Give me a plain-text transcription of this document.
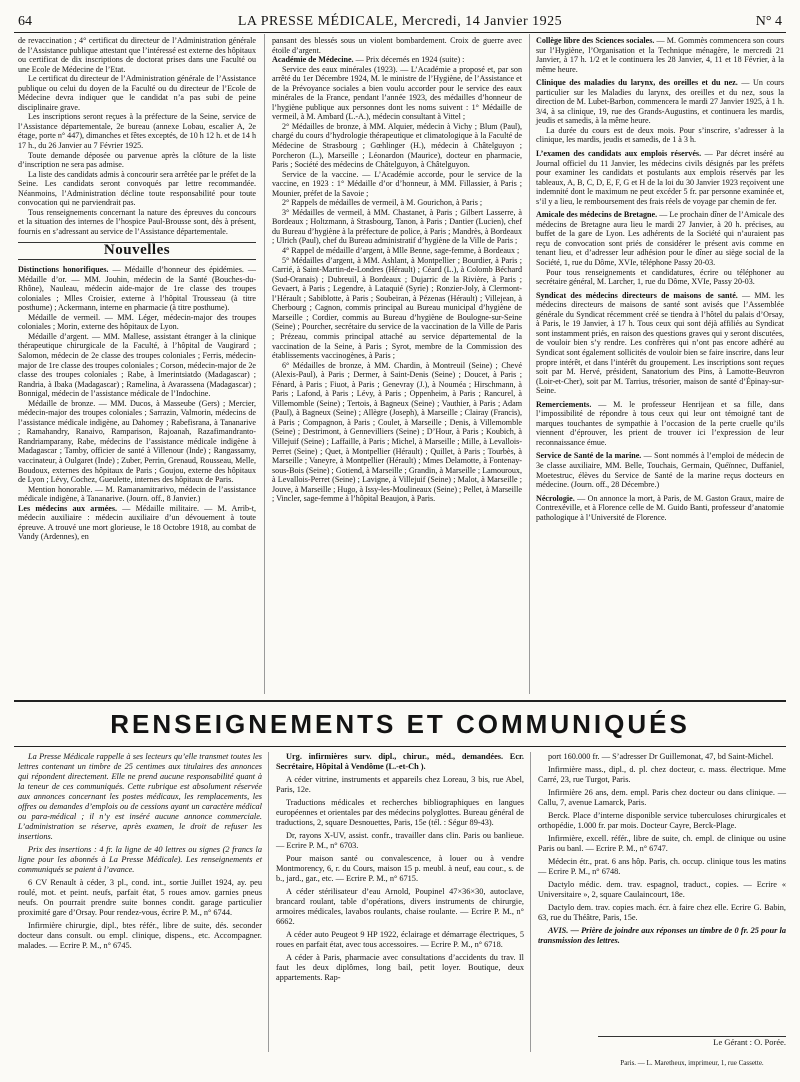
64	LA PRESSE MÉDICALE, Mercredi, 14 Janvier 1925	N° 4

de revaccination ; 4° certificat du directeur de l’Administration générale de l’Assistance publique attestant que l’intéressé est externe des hôpitaux ou certificat de dix inscriptions de doctorat prises dans une Faculté ou une Ecole de Médecine de l’Etat.

Le certificat du directeur de l’Administration générale de l’Assistance publique ou celui du doyen de la Faculté ou du directeur de l’Ecole de Médecine devra indiquer que le candidat n’a pas subi de peine disciplinaire grave.

Les inscriptions seront reçues à la préfecture de la Seine, service de l’Assistance départementale, 2e bureau (annexe Lobau, escalier A, 2e étage, porte n° 447), dimanches et fêtes exceptés, de 10 h 12 h. et de 14 h 17 h., du 26 Janvier au 7 Février 1925.

Toute demande déposée ou parvenue après la clôture de la liste d’inscription ne sera pas admise.

La liste des candidats admis à concourir sera arrêtée par le préfet de la Seine. Les candidats seront convoqués par lettre recommandée. Néanmoins, l’Administration décline toute responsabilité pour toute convocation qui ne parviendrait pas.

Tous renseignements concernant la nature des épreuves du concours et la situation des internes de l’hospice Paul-Brousse sont, dès à présent, fournis en s’adressant au service de l’Assistance départementale.

Nouvelles

Distinctions honorifiques. — Médaille d’honneur des épidémies. — Médaille d’or. — MM. Jouhin, médecin de la Santé (Bouches-du-Rhône), Nauleau, médecin aide-major de 1re classe des troupes coloniales ; Mlles Croisier, externe à l’hôpital Trousseau (à titre posthume) ; Ackermann, interne en pharmacie (à titre posthume).

Médaille de vermeil. — MM. Léger, médecin-major des troupes coloniales ; Morin, externe des hôpitaux de Lyon.

Médaille d’argent. — MM. Mallese, assistant étranger à la clinique thérapeutique chirurgicale de la Faculté, à l’hôpital de Vaugirard ; Salomon, médecin de 2e classe des troupes coloniales ; Ferris, médecin-major de 1re classe des troupes coloniales ; Corson, médecin-major de 2e classe des troupes coloniales ; Rabe, à Imerintsiatdo (Madagascar) ; Randria, à Ibaka (Madagascar) ; Ramelina, à Avarassena (Madagascar) ; Bonnigal, médecin de l’assistance médicale de l’Indochine.

Médaille de bronze. — MM. Ducos, à Masseube (Gers) ; Mercier, médecin-major des troupes coloniales ; Sarrazin, Valmorin, médecins de l’assistance médicale indigène, au Dahomey ; Rabefisrana, à Tananarive ; Ramahandry, Ranaivo, Ramparison, Rajoanah, Razafimandranto-Randriamparany, Rabe, médecins de l’assistance médicale indigène à Madagascar ; Tamby, officier de santé à Villenour (Inde) ; Rangassamy, vaccinateur, à Oulgaret (Inde) ; Zuber, Perrin, Grenaud, Rousseau, Melle, Boudoux, externes des hôpitaux de Paris ; Goujou, externe des hôpitaux de Lyon ; Lévy, Cochez, Gueulette, internes des hôpitaux de Paris.

Mention honorable. — M. Ramanamitrarivo, médecin de l’assistance médicale indigène, à Tananarive. (Journ. off., 8 Janvier.)

Les médecins aux armées. — Médaille militaire. — M. Arrib-t, médecin auxiliaire : médecin auxiliaire d’un dévouement à toute épreuve. A trouvé une mort glorieuse, le 18 Octobre 1918, au combat de Vandy (Ardennes), en

pansant des blessés sous un violent bombardement. Croix de guerre avec étoile d’argent.

Académie de Médecine. — Prix décernés en 1924 (suite) :

Service des eaux minérales (1923). — L’Académie a proposé et, par son arrêté du 1er Décembre 1924, M. le ministre de l’Hygiène, de l’Assistance et de la Prévoyance sociales a bien voulu accorder pour le service des eaux minérales de la France, pendant l’année 1923, des médailles d’honneur de l’hygiène publique aux personnes dont les noms suivent : 1° Médaille de vermeil, à M. Ambard (L.-A.), médecin consultant à Vittel ;

2° Médailles de bronze, à MM. Alquier, médecin à Vichy ; Blum (Paul), chargé du cours d’hydrologie thérapeutique et climatologique à la Faculté de Médecine de Strasbourg ; Gœhlinger (H.), médecin à Châtelguyon ; Porcheron (L.), Marseille ; Léonardon (Maurice), docteur en pharmacie, Paris ; Société des médecins de Châtelguyon, à Châtelguyon.

Service de la vaccine. — L’Académie accorde, pour le service de la vaccine, en 1923 : 1° Médaille d’or d’honneur, à MM. Fillassier, à Paris ; Mounier, préfet de la Savoie ;

2° Rappels de médailles de vermeil, à M. Gourichon, à Paris ;

3° Médailles de vermeil, à MM. Chastanet, à Paris ; Gilbert Lasserre, à Bordeaux ; Holtzmann, à Strasbourg, Tanon, à Paris ; Dantier (Lucien), chef du Bureau d’hygiène à la préfecture de police, à Paris ; Mandrès, à Bordeaux ; Ulrich (Paul), chef du Bureau administratif d’hygiène de la Ville de Paris ;

4° Rappel de médaille d’argent, à Mlle Benne, sage-femme, à Bordeaux ;

5° Médailles d’argent, à MM. Ashlant, à Montpellier ; Bourdier, à Paris ; Carrié, à Saint-Martin-de-Londres (Hérault) ; Céard (L.), à Colomb Béchard (Sud-Oranais) ; Dubreuil, à Bordeaux ; Dujarric de la Rivière, à Paris ; Gevaert, à Paris ; Legendre, à Lataquié (Syrie) ; Ronzier-Joly, à Clermont-l’Hérault ; Sabiblotte, à Paris ; Soubeiran, à Pézenas (Hérault) ; Villejean, à Cherbourg ; Cagnon, commis principal au Bureau municipal d’hygiène de Marseille ; Cordier, commis au Bureau d’hygiène de Boulogne-sur-Seine (Seine) ; Pourcher, secrétaire du service de la vaccination de la Ville de Paris ; Prézeau, commis principal attaché au service départemental de la vaccination de la Seine, à Paris ; Syrot, membre de la Commission des établissements vaccinogènes, à Paris ;

6° Médailles de bronze, à MM. Chardin, à Montreuil (Seine) ; Chevé (Alexis-Paul), à Paris ; Dermer, à Saint-Denis (Seine) ; Doucet, à Paris ; Fénard, à Paris ; Fiuot, à Paris ; Genevray (J.), à Nouméa ; Hirschmann, à Paris ; Lafond, à Paris ; Lévy, à Paris ; Oppenheim, à Paris ; Rancurel, à Villemomble (Seine) ; Tertois, à Bagneux (Seine) ; Vauthier, à Paris ; Adam (Paul), à Bagneux (Seine) ; Allègre (Joseph), à Marseille ; Clairay (Francis), à Paris ; Compagnon, à Paris ; Coulet, à Marseille ; Denis, à Villemomble (Seine) ; Destrimont, à Gennevilliers (Seine) ; D’Hour, à Paris ; Koubich, à Villejuif (Seine) ; Laffaille, à Paris ; Michel, à Marseille ; Mille, à Levallois-Perret (Seine) ; Quet, à Montpellier (Hérault) ; Quillet, à Paris ; Tourbès, à Marseille ; Vaneyre, à Montpellier (Hérault) ; Mmes Delamotte, à Fontenay-sous-Bois (Seine) ; Gotiend, à Marseille ; Grandin, à Marseille ; Lamouroux, à Levallois-Perret (Seine) ; Lavigne, à Villejuif (Seine) ; Malot, à Marseille ; Jouve, à Marseille ; Hugo, à Issy-les-Moulineaux (Seine) ; Pellet, à Marseille ; Vincler, sage-femme à l’hôpital Beaujon, à Paris.

Collège libre des Sciences sociales. — M. Gommès commencera son cours sur l’Hygiène, l’Organisation et la Technique ménagère, le mercredi 21 Janvier, à 17 h. 1/2 et le continuera les 28 Janvier, 4, 11 et 18 Février, à la même heure.

Clinique des maladies du larynx, des oreilles et du nez. — Un cours particulier sur les Maladies du larynx, des oreilles et du nez, sous la direction de M. Lubet-Barbon, commencera le mardi 27 Janvier 1925, à 1 h. 3/4, à sa clinique, 19, rue des Grands-Augustins, et continuera les mardis, jeudis et samedis, à la même heure.

La durée du cours est de deux mois. Pour s’inscrire, s’adresser à la clinique, les mardis, jeudis et samedis, de 1 à 3 h.

L’examen des candidats aux emplois réservés. — Par décret inséré au Journal officiel du 11 Janvier, les médecins civils désignés par les préfets pour examiner les candidats et postulants aux emplois réservés par les tableaux, A, B, C, D, E, F, G et H de la loi du 30 Janvier 1923 reçoivent une indemnité dont le maximum ne peut excéder 5 fr. par personne examinée et, s’il y a lieu, le remboursement des frais réels de voyage par chemin de fer.

Amicale des médecins de Bretagne. — Le prochain dîner de l’Amicale des médecins de Bretagne aura lieu le mardi 27 Janvier, à 20 h. précises, au buffet de la gare de Lyon. Les adhérents de la Société qui n’auraient pas reçu de convocation sont priés de considérer le présent avis comme en tenant lieu, et d’adresser leur adhésion pour le dîner au siège social de la Société, 1, rue du Dôme, XVIe, téléphone Passy 20-03.

Pour tous renseignements et candidatures, écrire ou téléphoner au secrétaire général, M. Larcher, 1, rue du Dôme, XVIe, Passy 20-03.

Syndicat des médecins directeurs de maisons de santé. — MM. les médecins directeurs de maisons de santé sont avisés que l’Assemblée générale du Syndicat récemment créé se tiendra à l’hôtel du palais d’Orsay, à Paris, le 19 Janvier, à 17 h. Tous ceux qui sont déjà affiliés au Syndicat sont instamment priés, en raison des questions graves qui y seront discutées, de vouloir bien s’y rendre. Les confrères qui n’ont pas encore adhéré au Syndicat sont également sollicités de vouloir bien se faire inscrire, dans leur propre intérêt, et dans l’intérêt du groupement. Les inscriptions sont reçues soit par M. Hervé, président, Sanatorium des Pins, à Lamotte-Beuvron (Loir-et-Cher), soit par M. Tarrius, trésorier, maison de santé d’Épinay-sur-Seine.

Remerciements. — M. le professeur Henrijean et sa fille, dans l’impossibilité de répondre à tous ceux qui leur ont témoigné tant de marques touchantes de sympathie à l’occasion de la perte cruelle qu’ils viennent d’éprouver, les prient de trouver ici l’expression de leur reconnaissance émue.

Service de Santé de la marine. — Sont nommés à l’emploi de médecin de 3e classe auxiliaire, MM. Belle, Touchais, Germain, Quéïnnec, Duffaniel, Moetestruc, élèves du Service de Santé de la marine reçus docteurs en médecine. (Journ. off., 28 Décembre.)

Nécrologie. — On annonce la mort, à Paris, de M. Gaston Graux, maire de Contrexéville, et à Florence celle de M. Guido Banti, professeur d’anatomie pathologique à l’Université de Florence.

RENSEIGNEMENTS ET COMMUNIQUÉS

La Presse Médicale rappelle à ses lecteurs qu’elle transmet toutes les lettres contenant un timbre de 25 centimes aux titulaires des annonces qui répondent directement. Elle ne prend aucune responsabilité quant à la teneur de ces communiqués. Cette rubrique est absolument réservée aux annonces concernant les postes médicaux, les remplacements, les offres ou demandes d’emplois ou de cessions ayant un caractère médical ou para-médical ; il n’y est inséré aucune annonce commerciale. L’administration se réserve, après examen, le droit de refuser les insertions.

Prix des insertions : 4 fr. la ligne de 40 lettres ou signes (2 francs la ligne pour les abonnés à La Presse Médicale). Les renseignements et communiqués se paient à l’avance.

6 CV Renault à céder, 3 pl., cond. int., sortie Juillet 1924, ay. peu roulé, mot. et peint. neufs, parfait état, 5 roues amov. garnies pneus neufs. On pourrait prendre suite bonnes condit. garage particulier proximité gare d’Orsay. Pour rendez-vous, écrire P. M., n° 6744.

Infirmière chirurgie, dipl., btes référ., libre de suite, dés. seconder docteur dans consult. ou empl. clinique, dispens., etc. Accompagner. malades. — Ecrire P. M., n° 6745.

Urg. infirmières surv. dipl., chirur., méd., demandées. Ecr. Secrétaire, Hôpital à Vendôme (L.-et-Ch ).

A céder vitrine, instruments et appareils chez Loreau, 3 bis, rue Abel, Paris, 12e.

Traductions médicales et recherches bibliographiques en langues européennes et orientales par des médecins polyglottes. Bureau général de traductions, 2, square Desnouettes, Paris, 15e (tél. : Ségur 89-43).

Dr, rayons X-UV, assist. confr., travailler dans clin. Paris ou banlieue. — Ecrire P. M., n° 6703.

Pour maison santé ou convalescence, à louer ou à vendre Montmorency, 6, r. du Cours, maison 15 p. meubl. à neuf, eau cour., s. de b., jard., gar., etc. — Ecrire P. M., n° 6715.

A céder stérilisateur d’eau Arnold, Poupinel 47×36×30, autoclave, brancard roulant, table d’opérations, divers instruments de chirurgie, armoires médicales, lavabos roulants, chaise roulante. — Ecrire P. M., n° 6662.

A céder auto Peugeot 9 HP 1922, éclairage et démarrage électriques, 5 roues en parfait état, avec tous accessoires. — Ecrire P. M., n° 6718.

A céder à Paris, pharmacie avec consultations d’accidents du trav. Il faut les deux diplômes, long bail, petit loyer. Boutique, deux appartements. Rap-

port 160.000 fr. — S’adresser Dr Guillemonat, 47, bd Saint-Michel.

Infirmière mass., dipl., d. pl. chez docteur, c. mass. électrique. Mme Carré, 23, rue Turgot, Paris.

Infirmière 26 ans, dem. empl. Paris chez docteur ou dans clinique. — Callu, 7, avenue Lamarck, Paris.

Berck. Place d’interne disponible service tuberculoses chirurgicales et orthopédie, 1.000 fr. par mois. Docteur Cayre, Berck-Plage.

Infirmière, excell. référ., libre de suite, ch. empl. de clinique ou usine Paris ou banl. — Ecrire P. M., n° 6747.

Médecin étr., prat. 6 ans hôp. Paris, ch. occup. clinique tous les matins — Ecrire P. M., n° 6748.

Dactylo médic. dem. trav. espagnol, traduct., copies. — Ecrire « Universitaire », 2, square Caulaincourt, 18e.

Dactylo dem. trav. copies mach. écr. à faire chez elle. Ecrire G. Babin, 63, rue du Théâtre, Paris, 15e.

AVIS. — Prière de joindre aux réponses un timbre de 0 fr. 25 pour la transmission des lettres.

Le Gérant : O. Porée.
Paris. — L. Maretheux, imprimeur, 1, rue Cassette.
